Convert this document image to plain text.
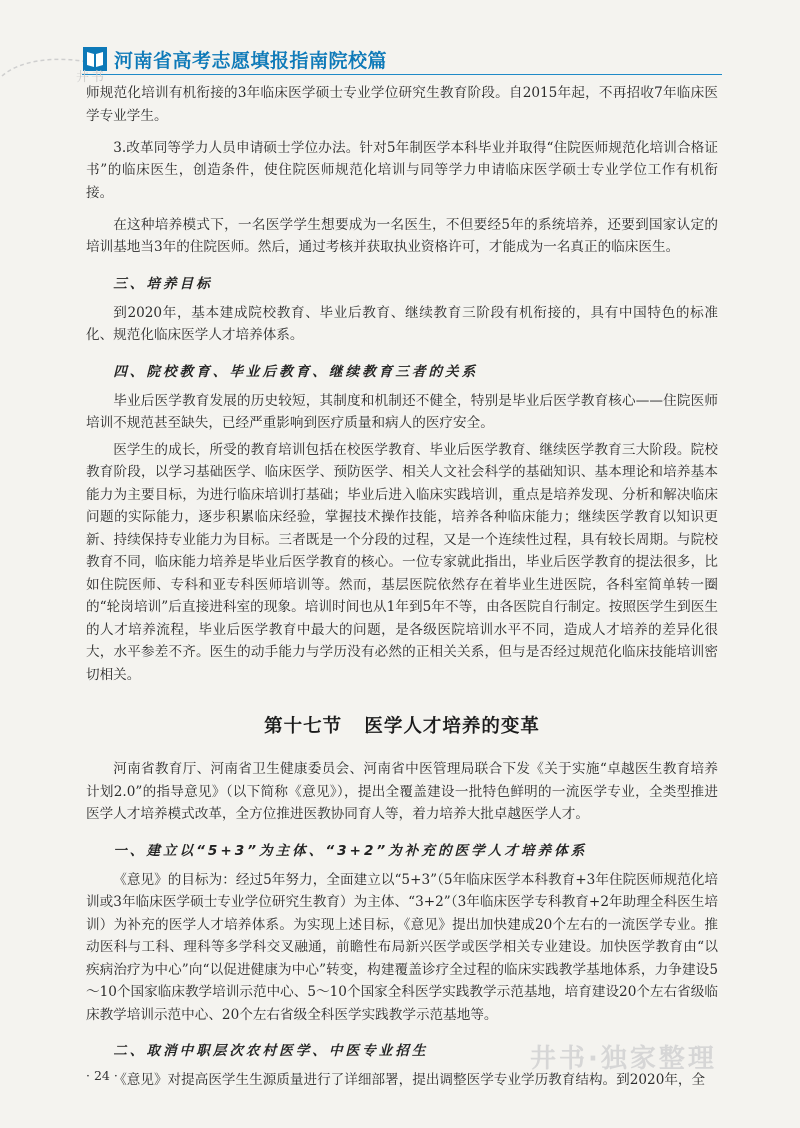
河南省高考志愿填报指南院校篇
井书

师规范化培训有机衔接的3年临床医学硕士专业学位研究生教育阶段。自2015年起，不再招收7年临床医学专业学生。

3.改革同等学力人员申请硕士学位办法。针对5年制医学本科毕业并取得“住院医师规范化培训合格证书”的临床医生，创造条件，使住院医师规范化培训与同等学力申请临床医学硕士专业学位工作有机衔接。

在这种培养模式下，一名医学学生想要成为一名医生，不但要经5年的系统培养，还要到国家认定的培训基地当3年的住院医师。然后，通过考核并获取执业资格许可，才能成为一名真正的临床医生。

三、培养目标

到2020年，基本建成院校教育、毕业后教育、继续教育三阶段有机衔接的，具有中国特色的标准化、规范化临床医学人才培养体系。

四、院校教育、毕业后教育、继续教育三者的关系

毕业后医学教育发展的历史较短，其制度和机制还不健全，特别是毕业后医学教育核心——住院医师培训不规范甚至缺失，已经严重影响到医疗质量和病人的医疗安全。

医学生的成长，所受的教育培训包括在校医学教育、毕业后医学教育、继续医学教育三大阶段。院校教育阶段，以学习基础医学、临床医学、预防医学、相关人文社会科学的基础知识、基本理论和培养基本能力为主要目标，为进行临床培训打基础；毕业后进入临床实践培训，重点是培养发现、分析和解决临床问题的实际能力，逐步积累临床经验，掌握技术操作技能，培养各种临床能力；继续医学教育以知识更新、持续保持专业能力为目标。三者既是一个分段的过程，又是一个连续性过程，具有较长周期。与院校教育不同，临床能力培养是毕业后医学教育的核心。一位专家就此指出，毕业后医学教育的提法很多，比如住院医师、专科和亚专科医师培训等。然而，基层医院依然存在着毕业生进医院，各科室简单转一圈的“轮岗培训”后直接进科室的现象。培训时间也从1年到5年不等，由各医院自行制定。按照医学生到医生的人才培养流程，毕业后医学教育中最大的问题，是各级医院培训水平不同，造成人才培养的差异化很大，水平参差不齐。医生的动手能力与学历没有必然的正相关关系，但与是否经过规范化临床技能培训密切相关。

第十七节   医学人才培养的变革

河南省教育厅、河南省卫生健康委员会、河南省中医管理局联合下发《关于实施“卓越医生教育培养计划2.0”的指导意见》（以下简称《意见》），提出全覆盖建设一批特色鲜明的一流医学专业，全类型推进医学人才培养模式改革，全方位推进医教协同育人等，着力培养大批卓越医学人才。

一、建立以“5+3”为主体、“3+2”为补充的医学人才培养体系

《意见》的目标为：经过5年努力，全面建立以“5+3”（5年临床医学本科教育+3年住院医师规范化培训或3年临床医学硕士专业学位研究生教育）为主体、“3+2”（3年临床医学专科教育+2年助理全科医生培训）为补充的医学人才培养体系。为实现上述目标，《意见》提出加快建成20个左右的一流医学专业。推动医科与工科、理科等多学科交叉融通，前瞻性布局新兴医学或医学相关专业建设。加快医学教育由“以疾病治疗为中心”向“以促进健康为中心”转变，构建覆盖诊疗全过程的临床实践教学基地体系，力争建设5～10个国家临床教学培训示范中心、5～10个国家全科医学实践教学示范基地，培育建设20个左右省级临床教学培训示范中心、20个左右省级全科医学实践教学示范基地等。

二、取消中职层次农村医学、中医专业招生

《意见》对提高医学生生源质量进行了详细部署，提出调整医学专业学历教育结构。到2020年，全

· 24 ·
井书·独家整理
